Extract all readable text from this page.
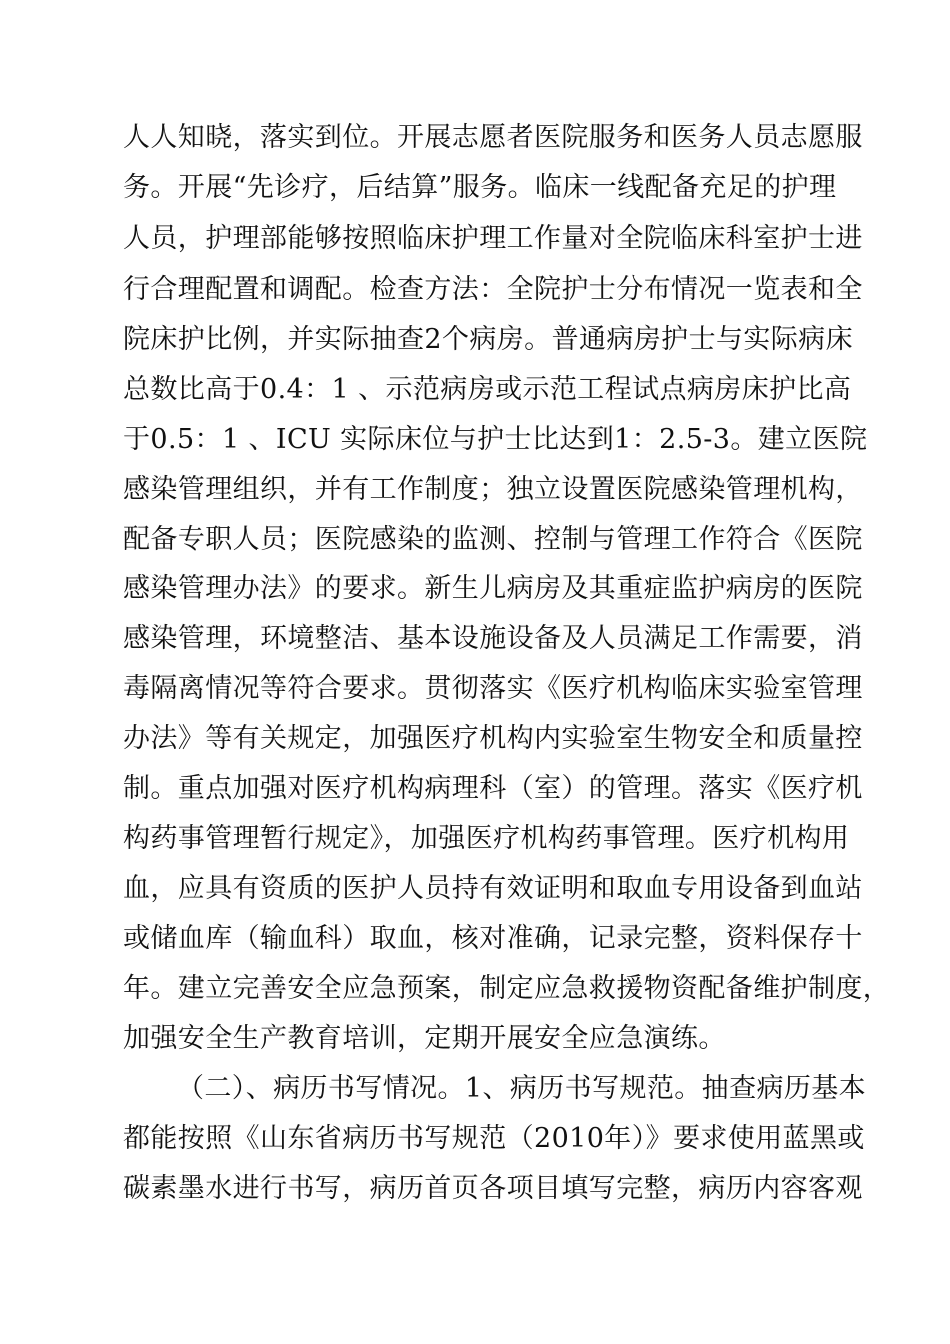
人人知晓，落实到位。开展志愿者医院服务和医务人员志愿服
务。开展“先诊疗，后结算”服务。临床一线配备充足的护理
人员，护理部能够按照临床护理工作量对全院临床科室护士进
行合理配置和调配。检查方法：全院护士分布情况一览表和全
院床护比例，并实际抽查2个病房。普通病房护士与实际病床
总数比高于0.4：1 、示范病房或示范工程试点病房床护比高
于0.5：1 、ICU 实际床位与护士比达到1：2.5-3。建立医院
感染管理组织，并有工作制度；独立设置医院感染管理机构，
配备专职人员；医院感染的监测、控制与管理工作符合《医院
感染管理办法》的要求。新生儿病房及其重症监护病房的医院
感染管理，环境整洁、基本设施设备及人员满足工作需要，消
毒隔离情况等符合要求。贯彻落实《医疗机构临床实验室管理
办法》等有关规定，加强医疗机构内实验室生物安全和质量控
制。重点加强对医疗机构病理科（室）的管理。落实《医疗机
构药事管理暂行规定》，加强医疗机构药事管理。医疗机构用
血，应具有资质的医护人员持有效证明和取血专用设备到血站
或储血库（输血科）取血，核对准确，记录完整，资料保存十
年。建立完善安全应急预案，制定应急救援物资配备维护制度，
加强安全生产教育培训，定期开展安全应急演练。
（二）、病历书写情况。1、病历书写规范。抽查病历基本
都能按照《山东省病历书写规范（2010年）》要求使用蓝黑或
碳素墨水进行书写，病历首页各项目填写完整，病历内容客观
